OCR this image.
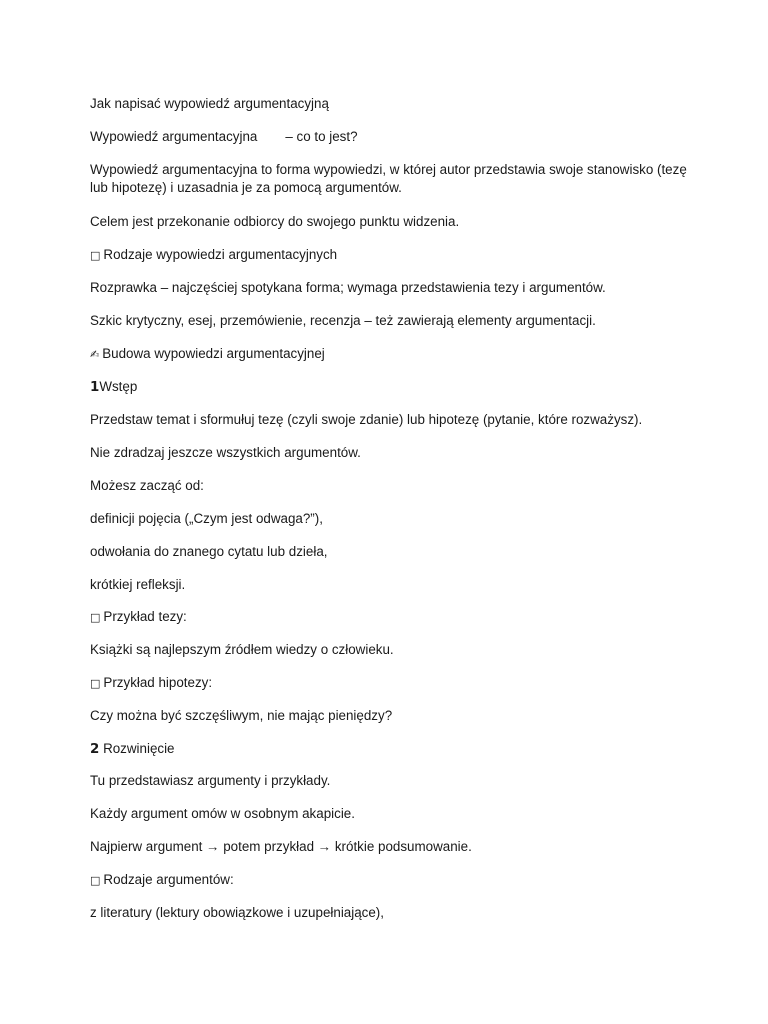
Jak napisać wypowiedź argumentacyjną

Wypowiedź argumentacyjna – co to jest?

Wypowiedź argumentacyjna to forma wypowiedzi, w której autor przedstawia swoje stanowisko (tezę

lub hipotezę) i uzasadnia je za pomocą argumentów.

Celem jest przekonanie odbiorcy do swojego punktu widzenia.

□ Rodzaje wypowiedzi argumentacyjnych

Rozprawka – najczęściej spotykana forma; wymaga przedstawienia tezy i argumentów.

Szkic krytyczny, esej, przemówienie, recenzja – też zawierają elementy argumentacji.

✍ Budowa wypowiedzi argumentacyjnej

1Wstęp

Przedstaw temat i sformułuj tezę (czyli swoje zdanie) lub hipotezę (pytanie, które rozważysz).

Nie zdradzaj jeszcze wszystkich argumentów.

Możesz zacząć od:

definicji pojęcia („Czym jest odwaga?”),

odwołania do znanego cytatu lub dzieła,

krótkiej refleksji.

□ Przykład tezy:

Książki są najlepszym źródłem wiedzy o człowieku.

□ Przykład hipotezy:

Czy można być szczęśliwym, nie mając pieniędzy?

2 Rozwinięcie

Tu przedstawiasz argumenty i przykłady.

Każdy argument omów w osobnym akapicie.

Najpierw argument → potem przykład → krótkie podsumowanie.

□ Rodzaje argumentów:

z literatury (lektury obowiązkowe i uzupełniające),
